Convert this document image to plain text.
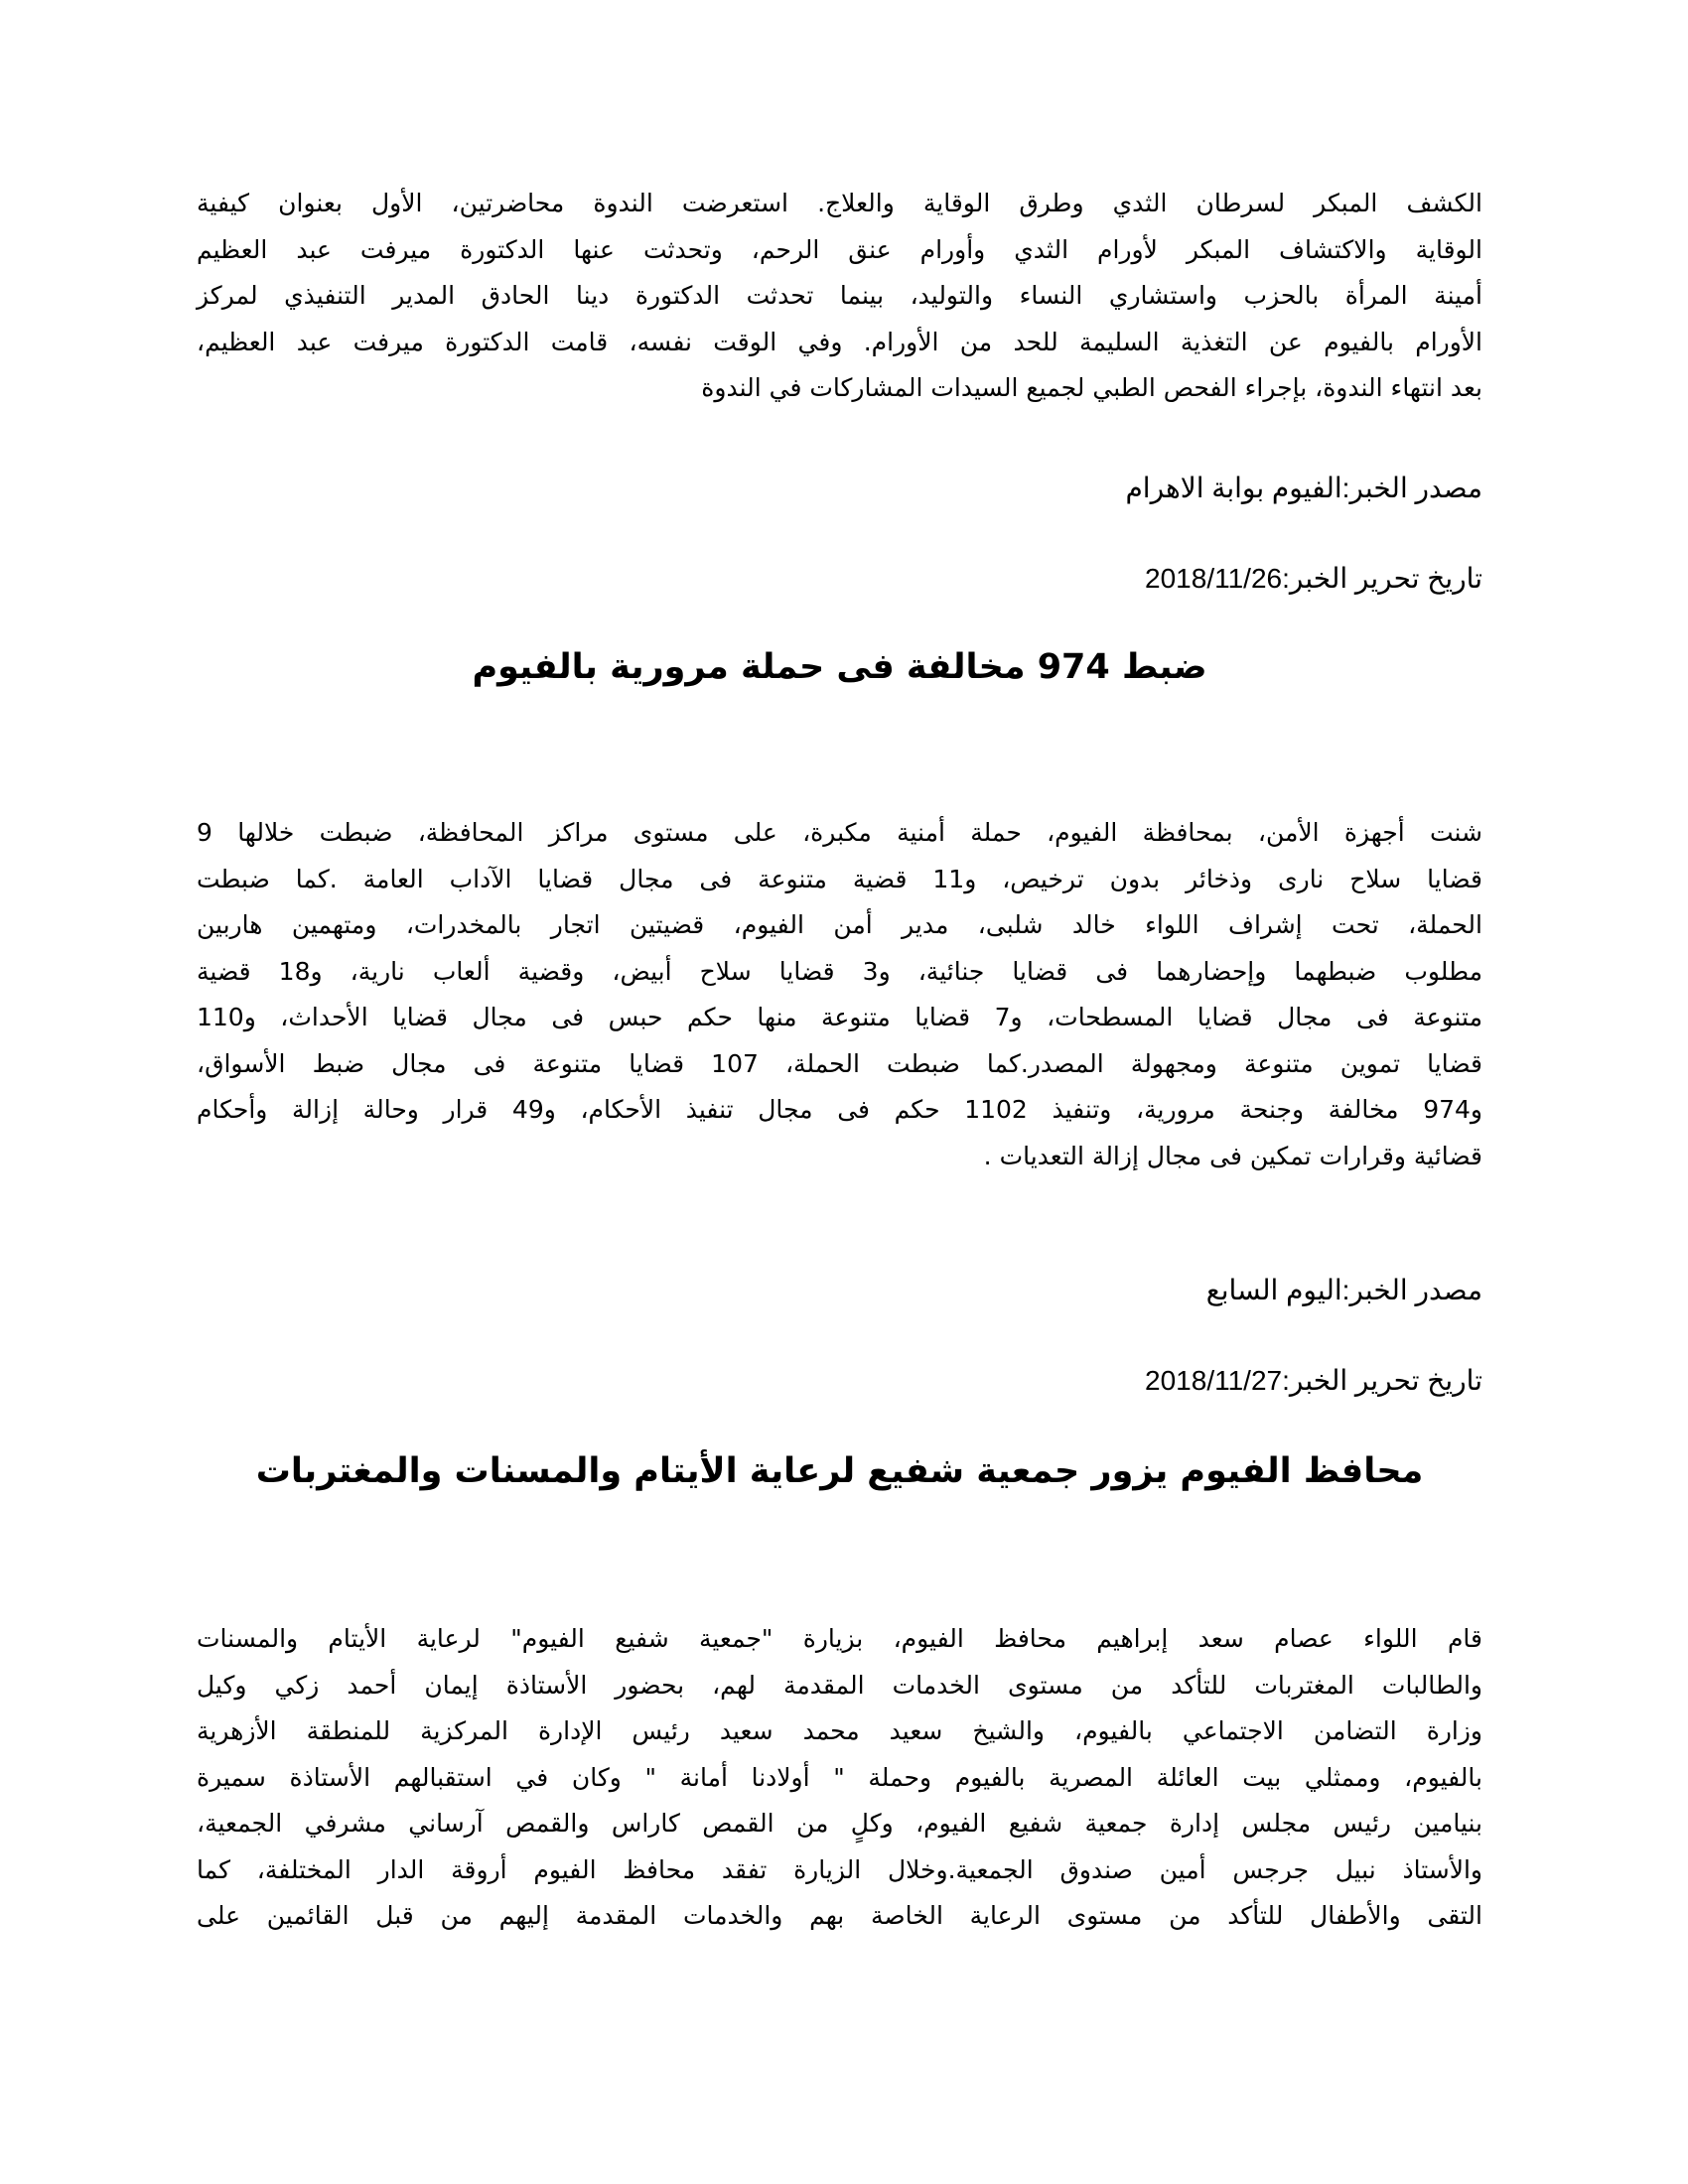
الكشف المبكر لسرطان الثدي وطرق الوقاية والعلاج. استعرضت الندوة محاضرتين، الأول بعنوان كيفية
الوقاية والاكتشاف المبكر لأورام الثدي وأورام عنق الرحم، وتحدثت عنها الدكتورة ميرفت عبد العظيم
أمينة المرأة بالحزب واستشاري النساء والتوليد، بينما تحدثت الدكتورة دينا الحادق المدير التنفيذي لمركز
الأورام بالفيوم عن التغذية السليمة للحد من الأورام. وفي الوقت نفسه، قامت الدكتورة ميرفت عبد العظيم،
بعد انتهاء الندوة، بإجراء الفحص الطبي لجميع السيدات المشاركات في الندوة

مصدر الخبر:الفيوم بوابة الاهرام

تاريخ تحرير الخبر:2018/11/26

ضبط 974 مخالفة فى حملة مرورية بالفيوم
شنت أجهزة الأمن، بمحافظة الفيوم، حملة أمنية مكبرة، على مستوى مراكز المحافظة، ضبطت خلالها 9
قضايا سلاح نارى وذخائر بدون ترخيص، و11 قضية متنوعة فى مجال قضايا الآداب العامة .كما ضبطت
الحملة، تحت إشراف اللواء خالد شلبى، مدير أمن الفيوم، قضيتين اتجار بالمخدرات، ومتهمين هاربين
مطلوب ضبطهما وإحضارهما فى قضايا جنائية، و3 قضايا سلاح أبيض، وقضية ألعاب نارية، و18 قضية
متنوعة فى مجال قضايا المسطحات، و7 قضايا متنوعة منها حكم حبس فى مجال قضايا الأحداث، و110
قضايا تموين متنوعة ومجهولة المصدر.كما ضبطت الحملة، 107 قضايا متنوعة فى مجال ضبط الأسواق،
و974 مخالفة وجنحة مرورية، وتنفيذ 1102 حكم فى مجال تنفيذ الأحكام، و49 قرار وحالة إزالة وأحكام
قضائية وقرارات تمكين فى مجال إزالة التعديات .

مصدر الخبر:اليوم السابع

تاريخ تحرير الخبر:2018/11/27

محافظ الفيوم يزور جمعية شفيع لرعاية الأيتام والمسنات والمغتربات
قام اللواء عصام سعد إبراهيم محافظ الفيوم، بزيارة "جمعية شفيع الفيوم" لرعاية الأيتام والمسنات
والطالبات المغتربات للتأكد من مستوى الخدمات المقدمة لهم، بحضور الأستاذة إيمان أحمد زكي وكيل
وزارة التضامن الاجتماعي بالفيوم، والشيخ سعيد محمد سعيد رئيس الإدارة المركزية للمنطقة الأزهرية
بالفيوم، وممثلي بيت العائلة المصرية بالفيوم وحملة " أولادنا أمانة " وكان في استقبالهم الأستاذة سميرة
بنيامين رئيس مجلس إدارة جمعية شفيع الفيوم، وكلٍ من القمص كاراس والقمص آرساني مشرفي الجمعية،
والأستاذ نبيل جرجس أمين صندوق الجمعية.وخلال الزيارة تفقد محافظ الفيوم أروقة الدار المختلفة، كما
التقى والأطفال للتأكد من مستوى الرعاية الخاصة بهم والخدمات المقدمة إليهم من قبل القائمين على
